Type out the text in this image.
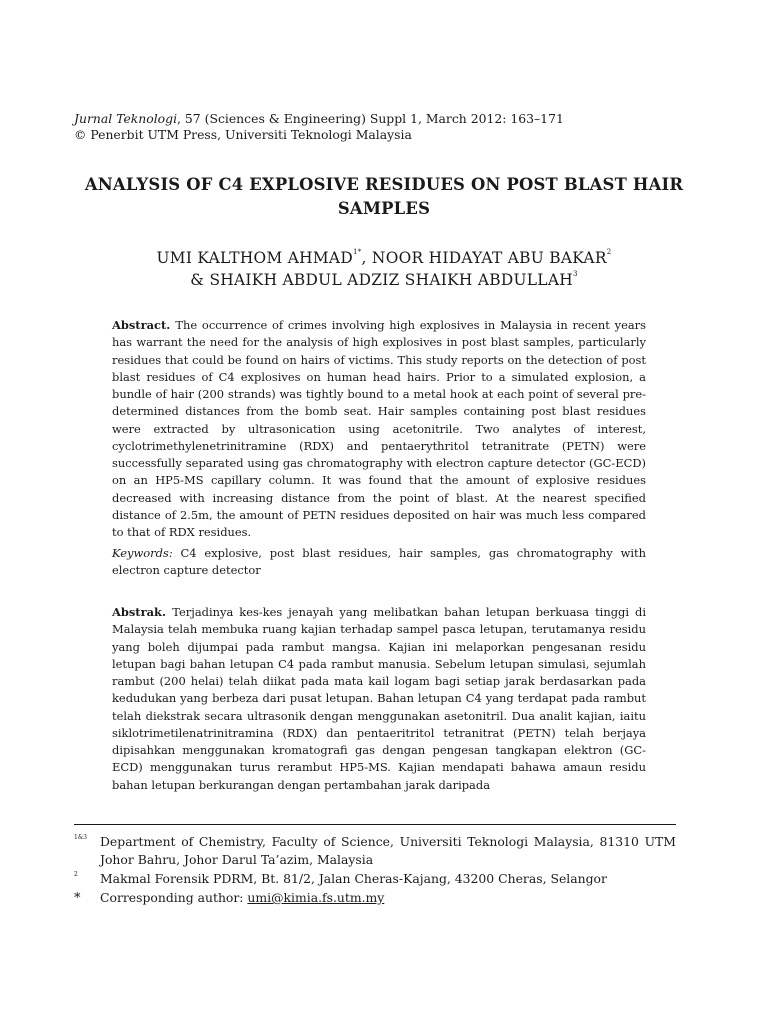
Jurnal Teknologi, 57 (Sciences & Engineering) Suppl 1, March 2012: 163–171
© Penerbit UTM Press, Universiti Teknologi Malaysia
ANALYSIS OF C4 EXPLOSIVE RESIDUES ON POST BLAST HAIR
SAMPLES
UMI KALTHOM $AHMAD^{1*}$, NOOR HIDAYAT ABU BAKAR$^2$
& SHAIKH ABDUL ADZIZ SHAIKH ABDULLAH$^3$
Abstract. The occurrence of crimes involving high explosives in Malaysia in recent years has warrant the need for the analysis of high explosives in post blast samples, particularly residues that could be found on hairs of victims. This study reports on the detection of post blast residues of C4 explosives on human head hairs. Prior to a simulated explosion, a bundle of hair (200 strands) was tightly bound to a metal hook at each point of several pre-determined distances from the bomb seat. Hair samples containing post blast residues were extracted by ultrasonication using acetonitrile. Two analytes of interest, cyclotrimethylenetrinitramine (RDX) and pentaerythritol tetranitrate (PETN) were successfully separated using gas chromatography with electron capture detector (GC-ECD) on an HP5-MS capillary column. It was found that the amount of explosive residues decreased with increasing distance from the point of blast. At the nearest specified distance of 2.5m, the amount of PETN residues deposited on hair was much less compared to that of RDX residues.
Keywords: C4 explosive, post blast residues, hair samples, gas chromatography with electron capture detector
Abstrak. Terjadinya kes-kes jenayah yang melibatkan bahan letupan berkuasa tinggi di Malaysia telah membuka ruang kajian terhadap sampel pasca letupan, terutamanya residu yang boleh dijumpai pada rambut mangsa. Kajian ini melaporkan pengesanan residu letupan bagi bahan letupan C4 pada rambut manusia. Sebelum letupan simulasi, sejumlah rambut (200 helai) telah diikat pada mata kail logam bagi setiap jarak berdasarkan pada kedudukan yang berbeza dari pusat letupan. Bahan letupan C4 yang terdapat pada rambut telah diekstrak secara ultrasonik dengan menggunakan asetonitril. Dua analit kajian, iaitu siklotrimetilenatrinitramina (RDX) dan pentaeritritol tetranitrat (PETN) telah berjaya dipisahkan menggunakan kromatografi gas dengan pengesan tangkapan elektron (GC-ECD) menggunakan turus rerambut HP5-MS. Kajian mendapati bahawa amaun residu bahan letupan berkurangan dengan pertambahan jarak daripada
1&3 Department of Chemistry, Faculty of Science, Universiti Teknologi Malaysia, 81310 UTM Johor Bahru, Johor Darul Ta’azim, Malaysia
2 Makmal Forensik PDRM, Bt. 81/2, Jalan Cheras-Kajang, 43200 Cheras, Selangor
* Corresponding author: umi@kimia.fs.utm.my
